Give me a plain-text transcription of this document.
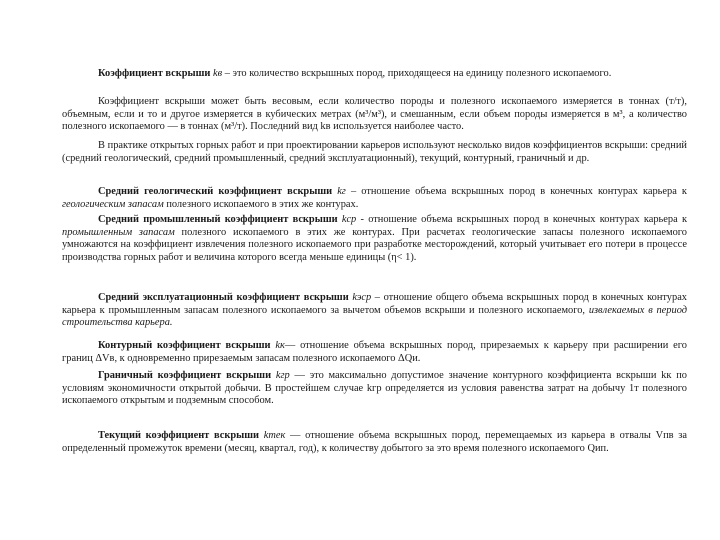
Коэффициент вскрыши kв – это количество вскрышных пород, приходящееся на единицу полезного ископаемого.

Коэффициент вскрыши может быть весовым, если количество породы и полезного ископаемого измеряется в тоннах (т/т), объемным, если и то и другое измеряется в кубических метрах (м³/м³), и смешанным, если объем породы измеряется в м³, а количество полезного ископаемого — в тоннах (м³/т). Последний вид kв используется наиболее часто.

В практике открытых горных работ и при проектировании карьеров используют несколько видов коэффициентов вскрыши: средний (средний геологический, средний промышленный, средний эксплуатационный), текущий, контурный, граничный и др.

Средний геологический коэффициент вскрыши kг – отношение объема вскрышных пород в конечных контурах карьера к геологическим запасам полезного ископаемого в этих же контурах.

Средний промышленный коэффициент вскрыши kср - отношение объема вскрышных пород в конечных контурах карьера к промышленным запасам полезного ископаемого в этих же контурах. При расчетах геологические запасы полезного ископаемого умножаются на коэффициент извлечения полезного ископаемого при разработке месторождений, который учитывает его потери в процессе производства горных работ и величина которого всегда меньше единицы (η< 1).

Средний эксплуатационный коэффициент вскрыши kэср – отношение общего объема вскрышных пород в конечных контурах карьера к промышленным запасам полезного ископаемого за вычетом объемов вскрыши и полезного ископаемого, извлекаемых в период строительства карьера.

Контурный коэффициент вскрыши kк— отношение объема вскрышных пород, прирезаемых к карьеру при расширении его границ ΔVв, к одновременно прирезаемым запасам полезного ископаемого ΔQи.

Граничный коэффициент вскрыши kгр — это максимально допустимое значение контурного коэффициента вскрыши kк по условиям экономичности открытой добычи. В простейшем случае kгр определяется из условия равенства затрат на добычу 1т полезного ископаемого открытым и подземным способом.

Текущий коэффициент вскрыши kтек — отношение объема вскрышных пород, перемещаемых из карьера в отвалы Vпв за определенный промежуток времени (месяц, квартал, год), к количеству добытого за это время полезного ископаемого Qип.
